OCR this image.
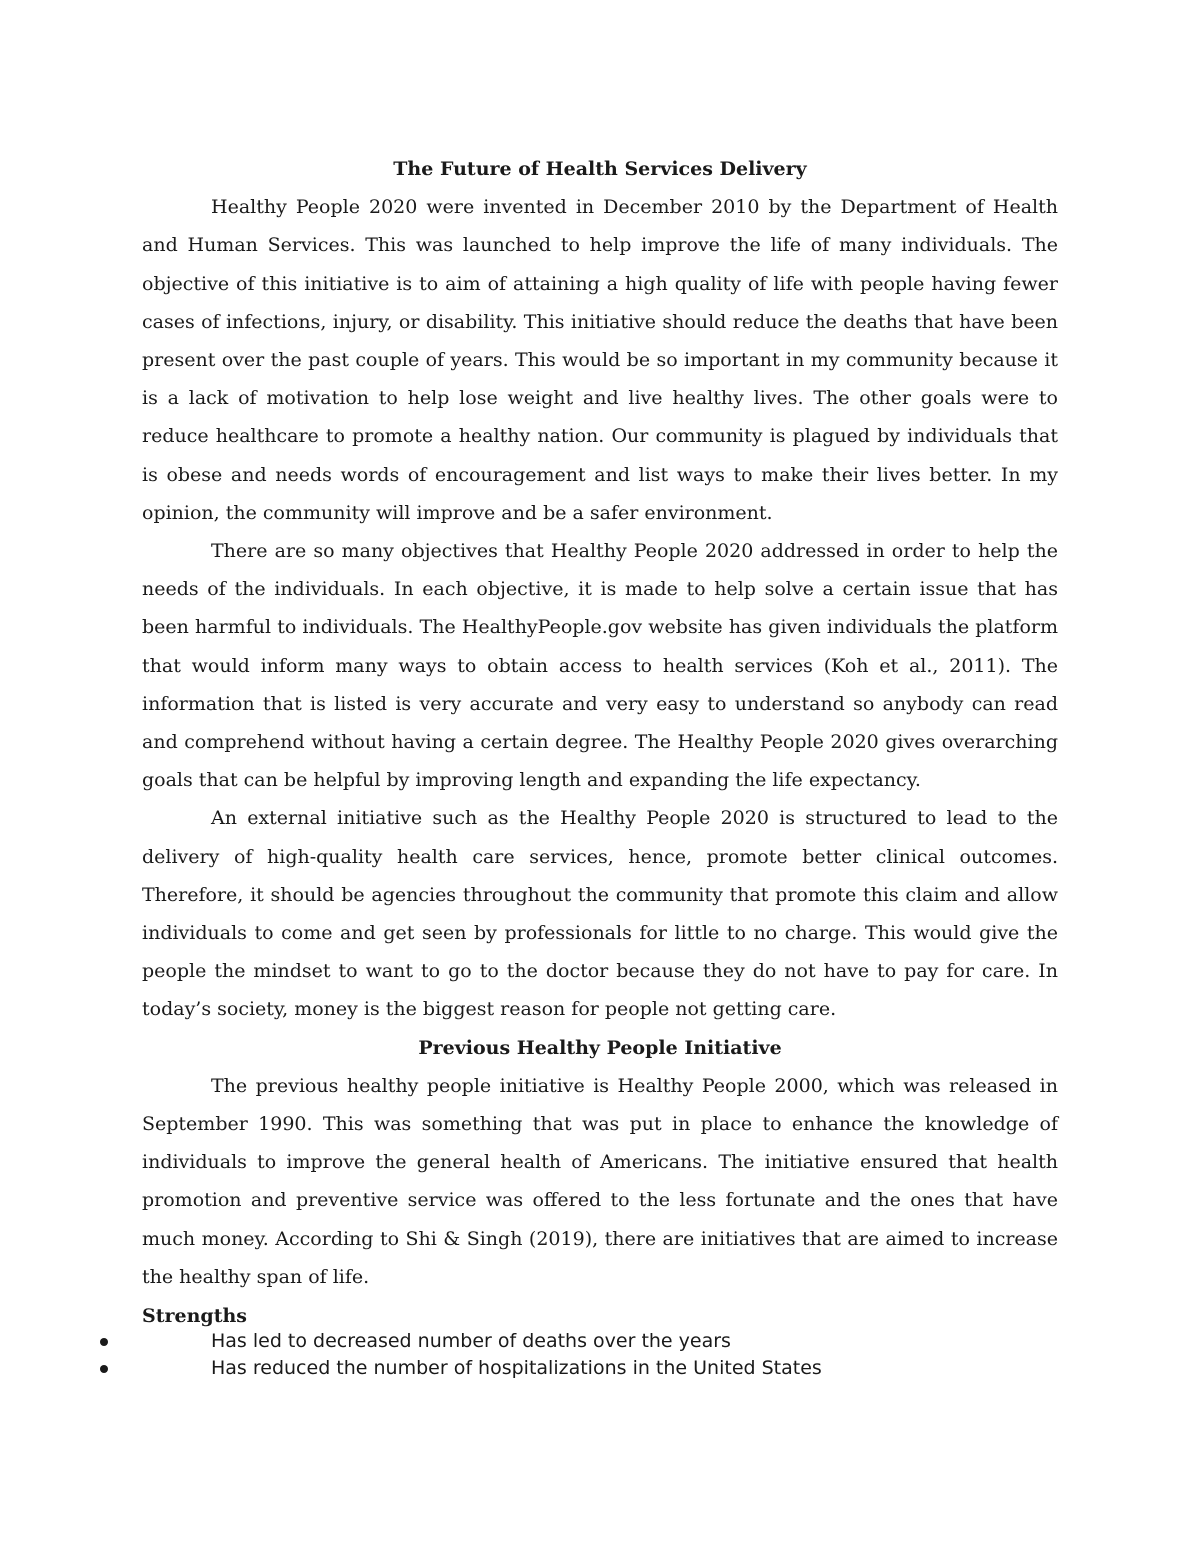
The Future of Health Services Delivery

Healthy People 2020 were invented in December 2010 by the Department of Health and Human Services. This was launched to help improve the life of many individuals. The objective of this initiative is to aim of attaining a high quality of life with people having fewer cases of infections, injury, or disability. This initiative should reduce the deaths that have been present over the past couple of years. This would be so important in my community because it is a lack of motivation to help lose weight and live healthy lives. The other goals were to reduce healthcare to promote a healthy nation. Our community is plagued by individuals that is obese and needs words of encouragement and list ways to make their lives better. In my opinion, the community will improve and be a safer environment.

There are so many objectives that Healthy People 2020 addressed in order to help the needs of the individuals. In each objective, it is made to help solve a certain issue that has been harmful to individuals. The HealthyPeople.gov website has given individuals the platform that would inform many ways to obtain access to health services (Koh et al., 2011). The information that is listed is very accurate and very easy to understand so anybody can read and comprehend without having a certain degree. The Healthy People 2020 gives overarching goals that can be helpful by improving length and expanding the life expectancy.

An external initiative such as the Healthy People 2020 is structured to lead to the delivery of high-quality health care services, hence, promote better clinical outcomes. Therefore, it should be agencies throughout the community that promote this claim and allow individuals to come and get seen by professionals for little to no charge. This would give the people the mindset to want to go to the doctor because they do not have to pay for care. In today’s society, money is the biggest reason for people not getting care.

Previous Healthy People Initiative

The previous healthy people initiative is Healthy People 2000, which was released in September 1990. This was something that was put in place to enhance the knowledge of individuals to improve the general health of Americans. The initiative ensured that health promotion and preventive service was offered to the less fortunate and the ones that have much money. According to Shi & Singh (2019), there are initiatives that are aimed to increase the healthy span of life.

Strengths
Has led to decreased number of deaths over the years
Has reduced the number of hospitalizations in the United States
